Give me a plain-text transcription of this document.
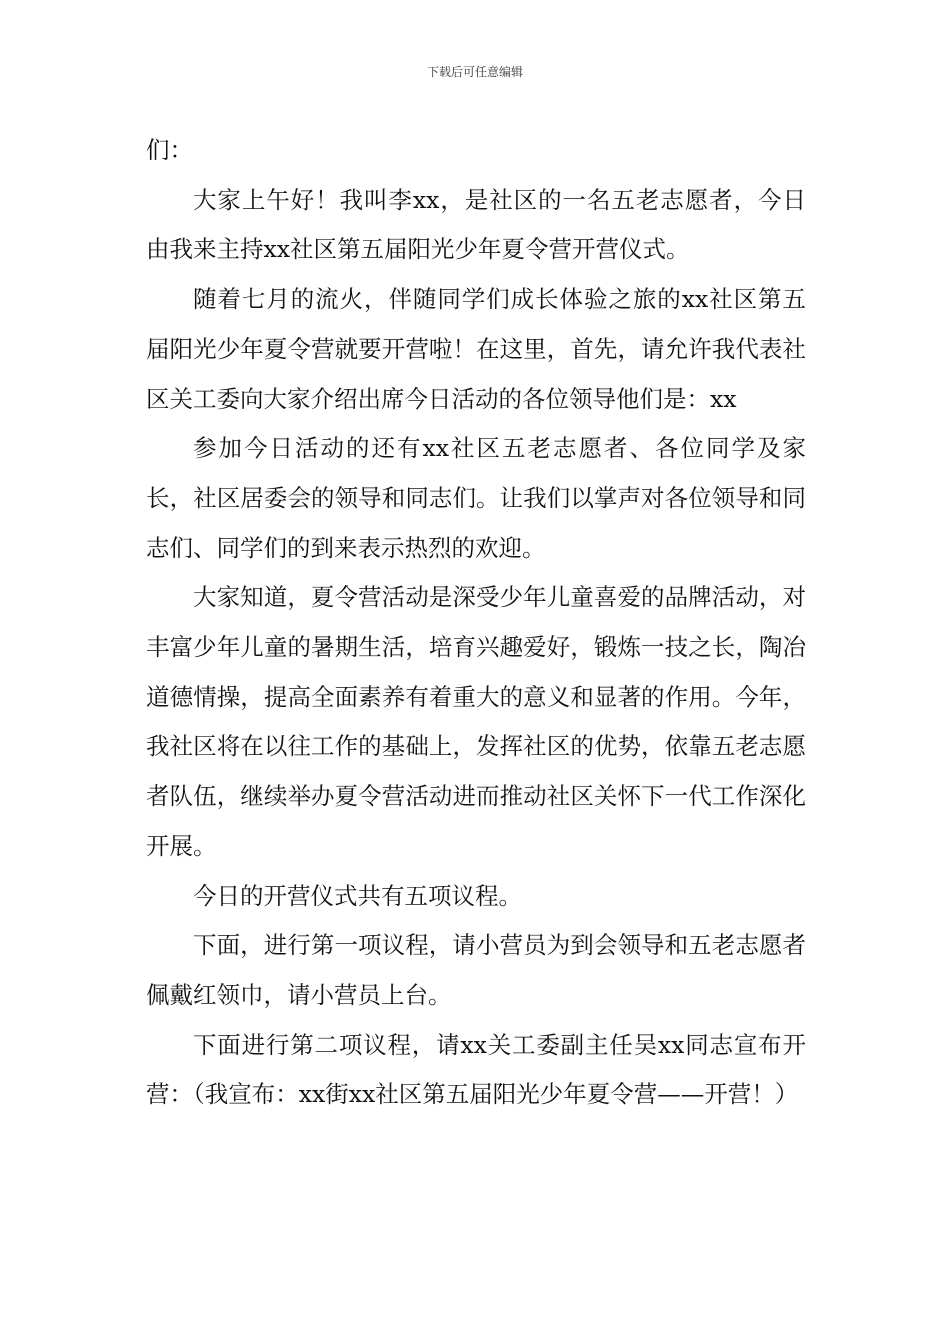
下载后可任意编辑

们：

大家上午好！我叫李xx，是社区的一名五老志愿者，今日由我来主持xx社区第五届阳光少年夏令营开营仪式。

随着七月的流火，伴随同学们成长体验之旅的xx社区第五届阳光少年夏令营就要开营啦！在这里，首先，请允许我代表社区关工委向大家介绍出席今日活动的各位领导他们是：xx

参加今日活动的还有xx社区五老志愿者、各位同学及家长，社区居委会的领导和同志们。让我们以掌声对各位领导和同志们、同学们的到来表示热烈的欢迎。

大家知道，夏令营活动是深受少年儿童喜爱的品牌活动，对丰富少年儿童的暑期生活，培育兴趣爱好，锻炼一技之长，陶冶道德情操，提高全面素养有着重大的意义和显著的作用。今年，我社区将在以往工作的基础上，发挥社区的优势，依靠五老志愿者队伍，继续举办夏令营活动进而推动社区关怀下一代工作深化开展。

今日的开营仪式共有五项议程。

下面，进行第一项议程，请小营员为到会领导和五老志愿者佩戴红领巾，请小营员上台。

下面进行第二项议程，请xx关工委副主任吴xx同志宣布开营：（我宣布：xx街xx社区第五届阳光少年夏令营——开营！）
